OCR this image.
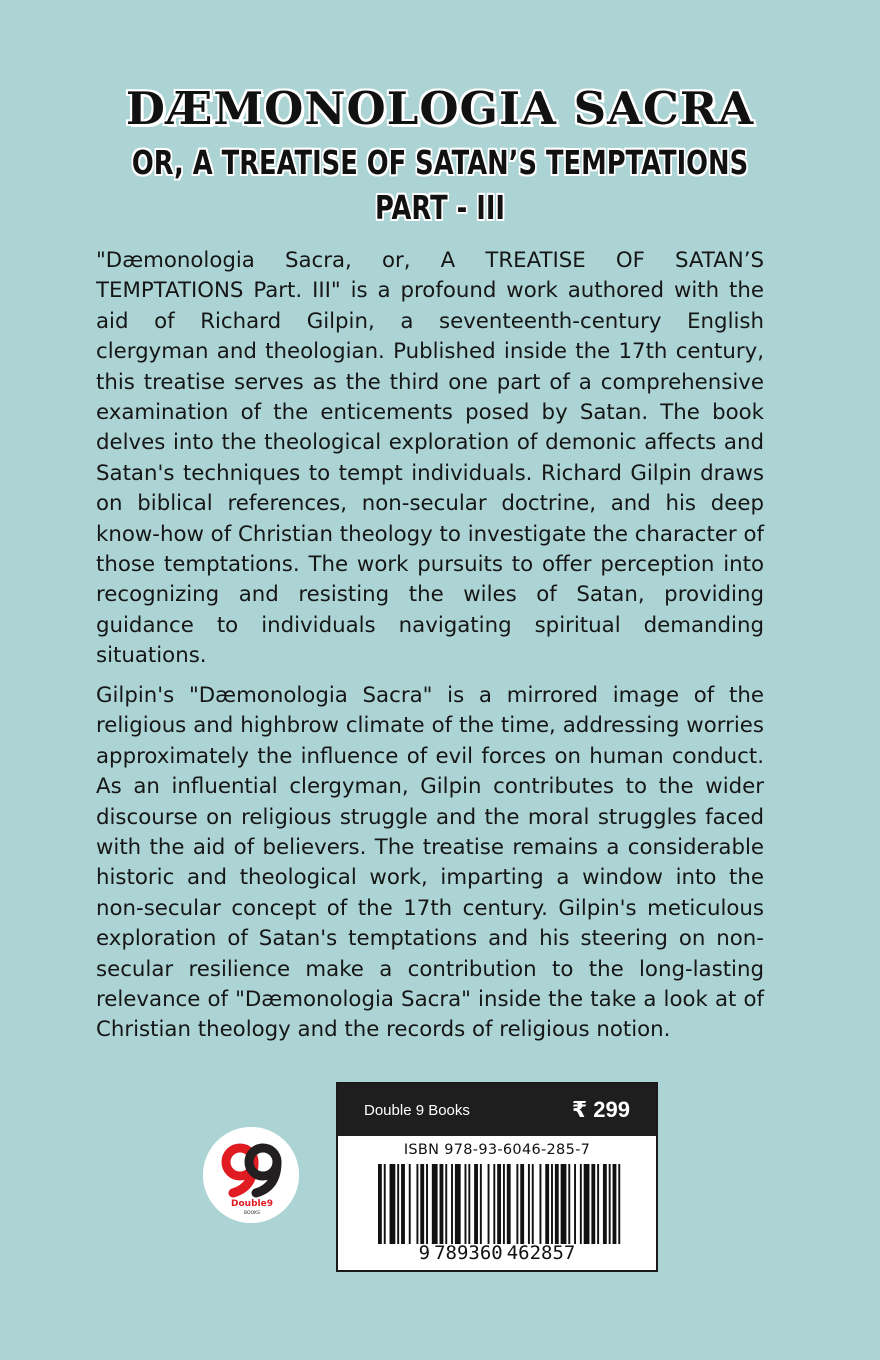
DÆMONOLOGIA SACRA
OR, A TREATISE OF SATAN’S TEMPTATIONS
PART - III

"Dæmonologia Sacra, or, A TREATISE OF SATAN’S TEMPTATIONS Part. III" is a profound work authored with the aid of Richard Gilpin, a seventeenth-century English clergyman and theologian. Published inside the 17th century, this treatise serves as the third one part of a comprehensive examination of the enticements posed by Satan. The book delves into the theological exploration of demonic affects and Satan's techniques to tempt individuals. Richard Gilpin draws on biblical references, non-secular doctrine, and his deep know-how of Christian theology to investigate the character of those temptations. The work pursuits to offer perception into recognizing and resisting the wiles of Satan, providing guidance to individuals navigating spiritual demanding situations.

Gilpin's "Dæmonologia Sacra" is a mirrored image of the religious and highbrow climate of the time, addressing worries approximately the influence of evil forces on human conduct. As an influential clergyman, Gilpin contributes to the wider discourse on religious struggle and the moral struggles faced with the aid of believers. The treatise remains a considerable historic and theological work, imparting a window into the non-secular concept of the 17th century. Gilpin's meticulous exploration of Satan's temptations and his steering on non-secular resilience make a contribution to the long-lasting relevance of "Dæmonologia Sacra" inside the take a look at of Christian theology and the records of religious notion.

Double9
BOOKS
Double 9 Books	₹ 299
ISBN 978-93-6046-285-7
9 789360 462857
